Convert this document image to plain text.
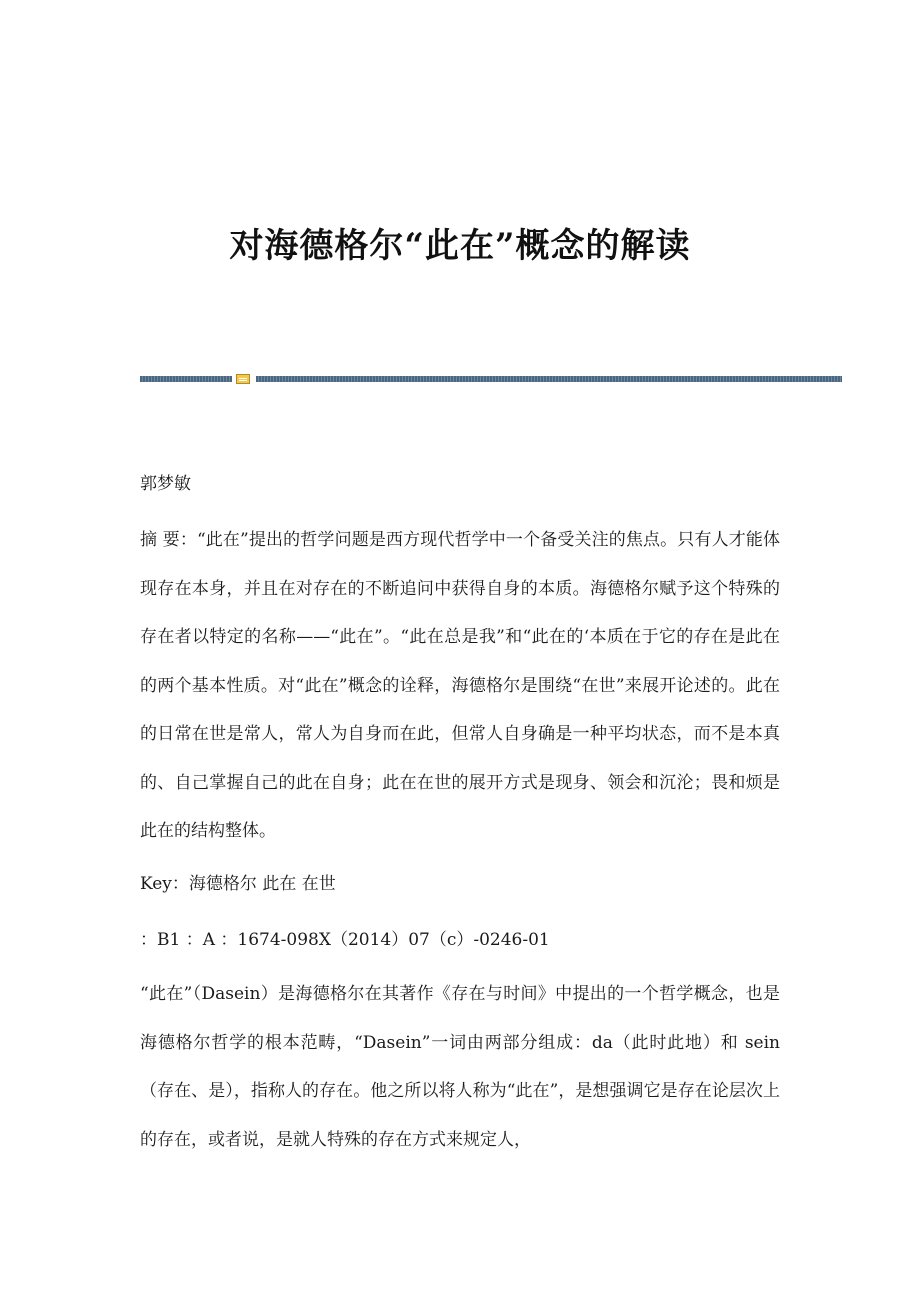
对海德格尔“此在”概念的解读

郭梦敏

摘 要：“此在”提出的哲学问题是西方现代哲学中一个备受关注的焦点。只有人才能体现存在本身，并且在对存在的不断追问中获得自身的本质。海德格尔赋予这个特殊的存在者以特定的名称——“此在”。“此在总是我”和“此在的‘本质在于它的存在是此在的两个基本性质。对“此在”概念的诠释，海德格尔是围绕“在世”来展开论述的。此在的日常在世是常人，常人为自身而在此，但常人自身确是一种平均状态，而不是本真的、自己掌握自己的此在自身；此在在世的展开方式是现身、领会和沉沦；畏和烦是此在的结构整体。

Key：海德格尔 此在 在世

：B1 ：A ：1674-098X（2014）07（c）-0246-01

“此在”（Dasein）是海德格尔在其著作《存在与时间》中提出的一个哲学概念，也是海德格尔哲学的根本范畴，“Dasein”一词由两部分组成：da（此时此地）和 sein（存在、是），指称人的存在。他之所以将人称为“此在”，是想强调它是存在论层次上的存在，或者说，是就人特殊的存在方式来规定人，
